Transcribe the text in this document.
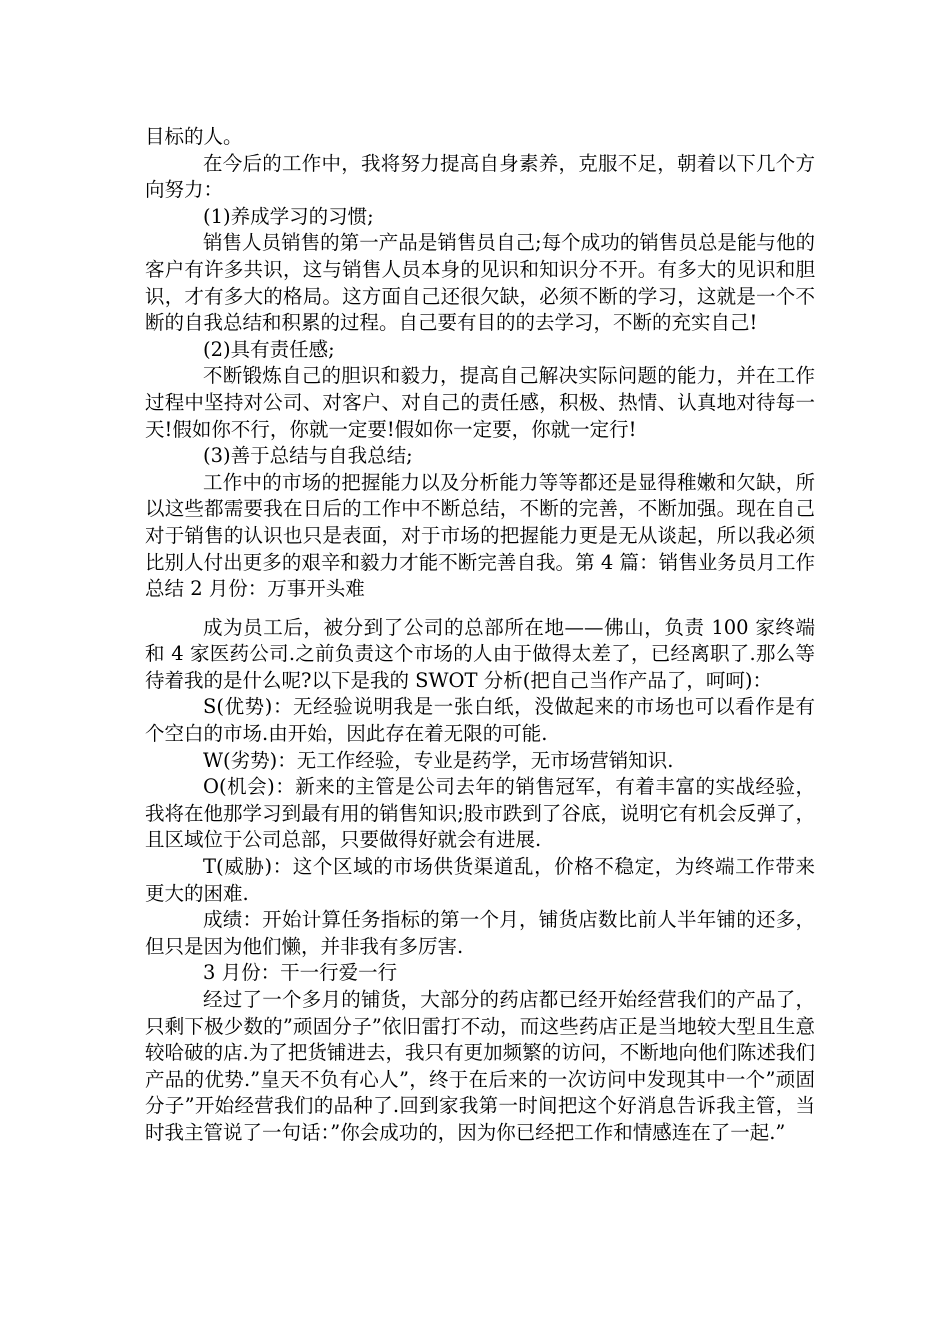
目标的人。

在今后的工作中，我将努力提高自身素养，克服不足，朝着以下几个方向努力：

(1)养成学习的习惯;

销售人员销售的第一产品是销售员自己;每个成功的销售员总是能与他的客户有许多共识，这与销售人员本身的见识和知识分不开。有多大的见识和胆识，才有多大的格局。这方面自己还很欠缺，必须不断的学习，这就是一个不断的自我总结和积累的过程。自己要有目的的去学习，不断的充实自己!

(2)具有责任感;

不断锻炼自己的胆识和毅力，提高自己解决实际问题的能力，并在工作过程中坚持对公司、对客户、对自己的责任感，积极、热情、认真地对待每一天!假如你不行，你就一定要!假如你一定要，你就一定行!

(3)善于总结与自我总结;

工作中的市场的把握能力以及分析能力等等都还是显得稚嫩和欠缺，所以这些都需要我在日后的工作中不断总结，不断的完善，不断加强。现在自己对于销售的认识也只是表面，对于市场的把握能力更是无从谈起，所以我必须比别人付出更多的艰辛和毅力才能不断完善自我。第 4 篇：销售业务员月工作总结 2 月份：万事开头难

成为员工后，被分到了公司的总部所在地——佛山，负责 100 家终端和 4 家医药公司.之前负责这个市场的人由于做得太差了，已经离职了.那么等待着我的是什么呢?以下是我的 SWOT 分析(把自己当作产品了，呵呵)：

S(优势)：无经验说明我是一张白纸，没做起来的市场也可以看作是有个空白的市场.由开始，因此存在着无限的可能.

W(劣势)：无工作经验，专业是药学，无市场营销知识.

O(机会)：新来的主管是公司去年的销售冠军，有着丰富的实战经验，我将在他那学习到最有用的销售知识;股市跌到了谷底，说明它有机会反弹了，且区域位于公司总部，只要做得好就会有进展.

T(威胁)：这个区域的市场供货渠道乱，价格不稳定，为终端工作带来更大的困难.

成绩：开始计算任务指标的第一个月，铺货店数比前人半年铺的还多，但只是因为他们懒，并非我有多厉害.

3 月份：干一行爱一行

经过了一个多月的铺货，大部分的药店都已经开始经营我们的产品了，只剩下极少数的”顽固分子”依旧雷打不动，而这些药店正是当地较大型且生意较哈破的店.为了把货铺进去，我只有更加频繁的访问，不断地向他们陈述我们产品的优势.”皇天不负有心人”，终于在后来的一次访问中发现其中一个”顽固分子”开始经营我们的品种了.回到家我第一时间把这个好消息告诉我主管，当时我主管说了一句话：”你会成功的，因为你已经把工作和情感连在了一起.”
